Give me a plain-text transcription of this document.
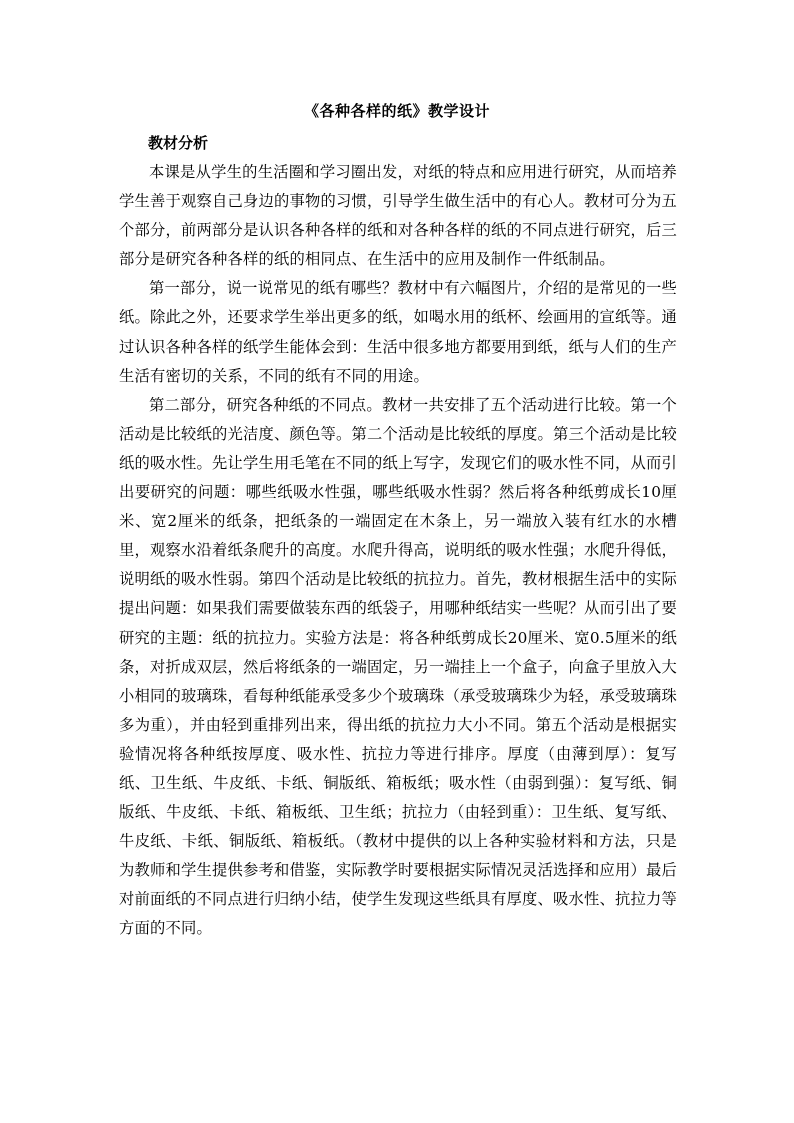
《各种各样的纸》教学设计
教材分析

本课是从学生的生活圈和学习圈出发，对纸的特点和应用进行研究，从而培养学生善于观察自己身边的事物的习惯，引导学生做生活中的有心人。教材可分为五个部分，前两部分是认识各种各样的纸和对各种各样的纸的不同点进行研究，后三部分是研究各种各样的纸的相同点、在生活中的应用及制作一件纸制品。

第一部分，说一说常见的纸有哪些？教材中有六幅图片，介绍的是常见的一些纸。除此之外，还要求学生举出更多的纸，如喝水用的纸杯、绘画用的宣纸等。通过认识各种各样的纸学生能体会到：生活中很多地方都要用到纸，纸与人们的生产生活有密切的关系，不同的纸有不同的用途。

第二部分，研究各种纸的不同点。教材一共安排了五个活动进行比较。第一个活动是比较纸的光洁度、颜色等。第二个活动是比较纸的厚度。第三个活动是比较纸的吸水性。先让学生用毛笔在不同的纸上写字，发现它们的吸水性不同，从而引出要研究的问题：哪些纸吸水性强，哪些纸吸水性弱？然后将各种纸剪成长10厘米、宽2厘米的纸条，把纸条的一端固定在木条上，另一端放入装有红水的水槽里，观察水沿着纸条爬升的高度。水爬升得高，说明纸的吸水性强；水爬升得低，说明纸的吸水性弱。第四个活动是比较纸的抗拉力。首先，教材根据生活中的实际提出问题：如果我们需要做装东西的纸袋子，用哪种纸结实一些呢？从而引出了要研究的主题：纸的抗拉力。实验方法是：将各种纸剪成长20厘米、宽0.5厘米的纸条，对折成双层，然后将纸条的一端固定，另一端挂上一个盒子，向盒子里放入大小相同的玻璃珠，看每种纸能承受多少个玻璃珠（承受玻璃珠少为轻，承受玻璃珠多为重），并由轻到重排列出来，得出纸的抗拉力大小不同。第五个活动是根据实验情况将各种纸按厚度、吸水性、抗拉力等进行排序。厚度（由薄到厚）：复写纸、卫生纸、牛皮纸、卡纸、铜版纸、箱板纸；吸水性（由弱到强）：复写纸、铜版纸、牛皮纸、卡纸、箱板纸、卫生纸；抗拉力（由轻到重）：卫生纸、复写纸、牛皮纸、卡纸、铜版纸、箱板纸。（教材中提供的以上各种实验材料和方法，只是为教师和学生提供参考和借鉴，实际教学时要根据实际情况灵活选择和应用）最后对前面纸的不同点进行归纳小结，使学生发现这些纸具有厚度、吸水性、抗拉力等方面的不同。
